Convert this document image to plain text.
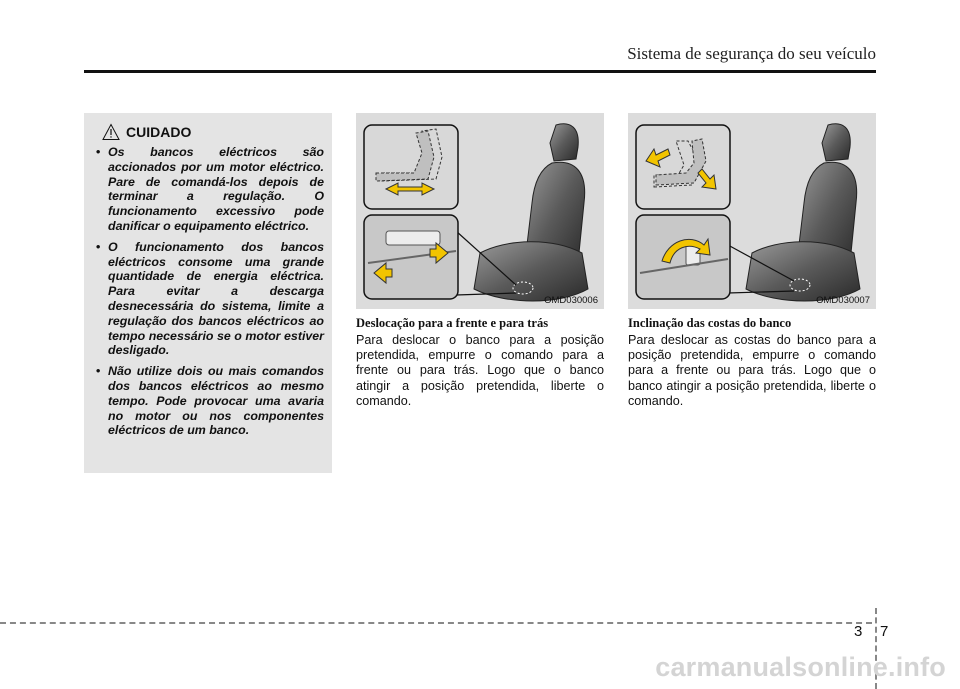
Sistema de segurança do seu veículo
CUIDADO
• Os bancos eléctricos são accionados por um motor eléctrico. Pare de comandá-los depois de terminar a regulação. O funcionamento excessivo pode danificar o equipamento eléctrico.
• O funcionamento dos bancos eléctricos consome uma grande quantidade de energia eléctrica. Para evitar a descarga desnecessária do sistema, limite a regulação dos bancos eléctricos ao tempo necessário se o motor estiver desligado.
• Não utilize dois ou mais comandos dos bancos eléctricos ao mesmo tempo. Pode provocar uma avaria no motor ou nos componentes eléctricos de um banco.
OMD030006
Deslocação para a frente e para trás
Para deslocar o banco para a posição pretendida, empurre o comando para a frente ou para trás. Logo que o banco atingir a posição pretendida, liberte o comando.
OMD030007
Inclinação das costas do banco
Para deslocar as costas do banco para a posição pretendida, empurre o comando para a frente ou para trás. Logo que o banco atingir a posição pretendida, liberte o comando.
3 7
carmanualsonline.info
